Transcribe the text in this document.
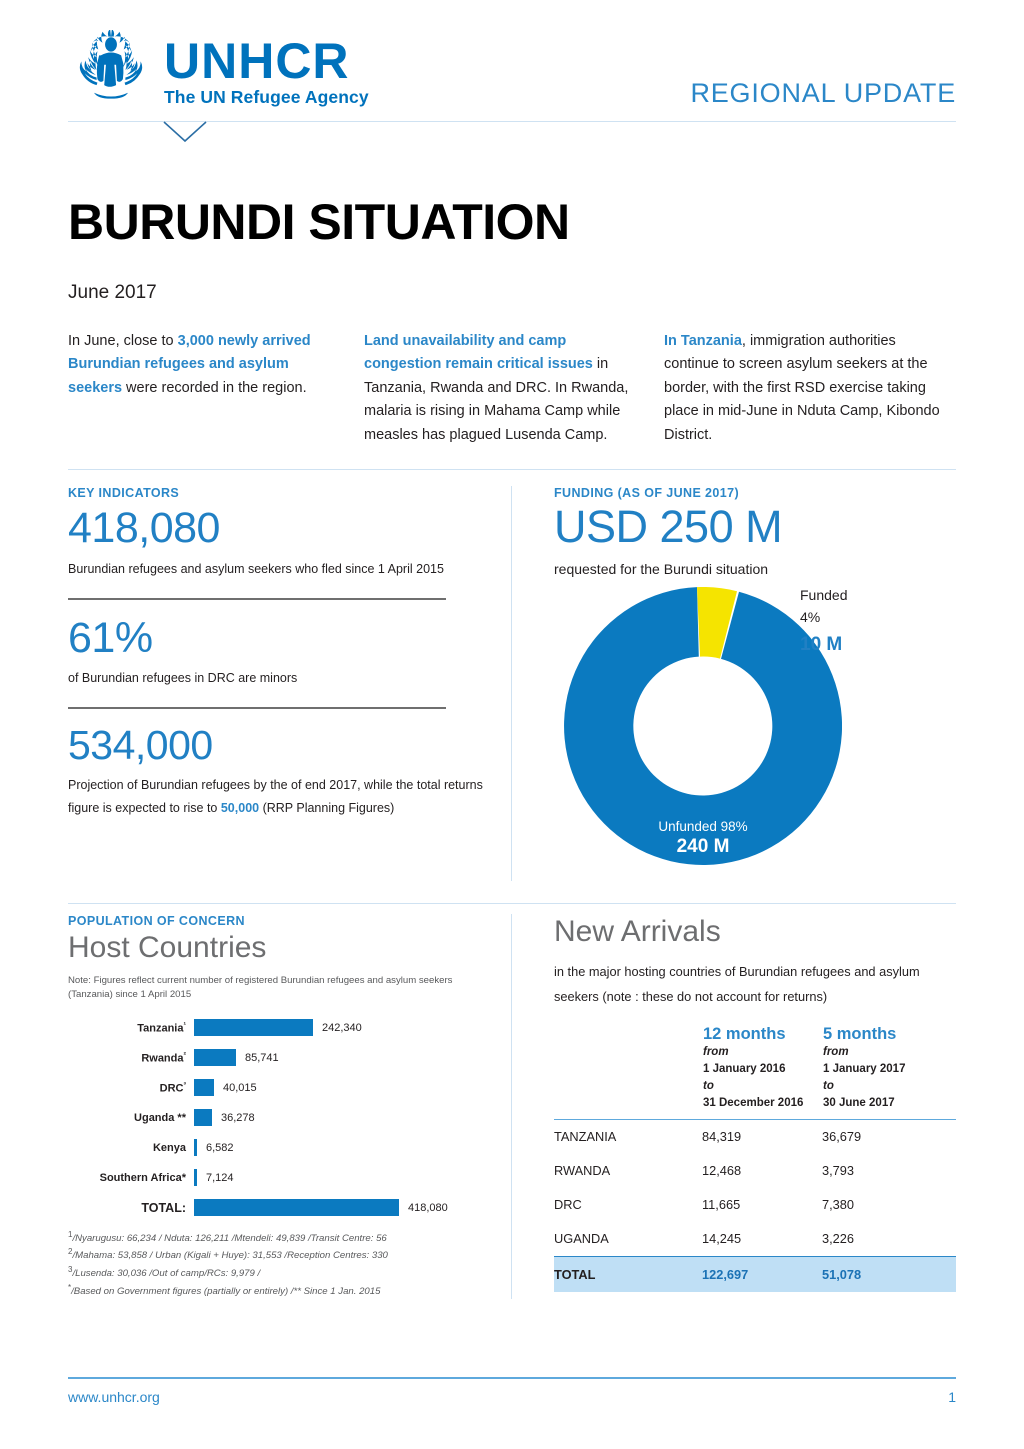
UNHCR
The UN Refugee Agency	REGIONAL UPDATE
BURUNDI SITUATION
June 2017
In June, close to 3,000 newly arrived Burundian refugees and asylum seekers were recorded in the region.
Land unavailability and camp congestion remain critical issues in Tanzania, Rwanda and DRC. In Rwanda, malaria is rising in Mahama Camp while measles has plagued Lusenda Camp.
In Tanzania, immigration authorities continue to screen asylum seekers at the border, with the first RSD exercise taking place in mid-June in Nduta Camp, Kibondo District.
KEY INDICATORS
418,080
Burundian refugees and asylum seekers who fled since 1 April 2015
61%
of Burundian refugees in DRC are minors
534,000
Projection of Burundian refugees by the of end 2017, while the total returns figure is expected to rise to 50,000 (RRP Planning Figures)
FUNDING (AS OF JUNE 2017)
USD 250 M
requested for the Burundi situation
Funded
4%
10 M
Unfunded 98%
240 M
POPULATION OF CONCERN
Host Countries
Note: Figures reflect current number of registered Burundian refugees and asylum seekers (Tanzania) since 1 April 2015
Tanzania$^{^1}$	242,340
Rwanda$^{^2}$	85,741
$DRC^{^3}$	40,015
Uganda **	36,278
Kenya	6,582
Southern Africa*	7,124
TOTAL:	418,080
$^1$/Nyarugusu: 66,234 / Nduta: 126,211 /Mtendeli: 49,839 /Transit Centre: 56
$^2$/Mahama: 53,858 / Urban (Kigali + Huye): 31,553 /Reception Centres: 330
$^3$/Lusenda: 30,036 /Out of camp/RCs: 9,979 /
*/Based on Government figures (partially or entirely) /** Since 1 Jan. 2015
New Arrivals
in the major hosting countries of Burundian refugees and asylum seekers (note : these do not account for returns)

12 months
from
1 January 2016
to
31 December 2016

5 months
from
1 January 2017
to
30 June 2017

TANZANIA	84,319	36,679
RWANDA	12,468	3,793
DRC	11,665	7,380
UGANDA	14,245	3,226
TOTAL	122,697	51,078
www.unhcr.org	1
